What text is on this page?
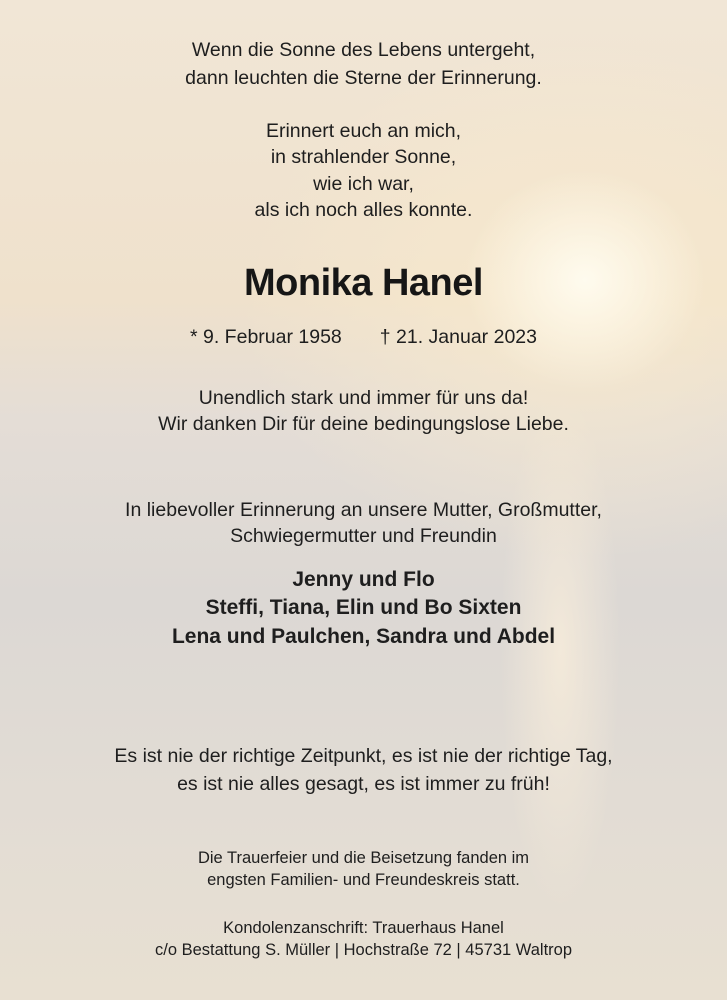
Wenn die Sonne des Lebens untergeht,
dann leuchten die Sterne der Erinnerung.
Erinnert euch an mich,
in strahlender Sonne,
wie ich war,
als ich noch alles konnte.
Monika Hanel
* 9. Februar 1958 † 21. Januar 2023
Unendlich stark und immer für uns da!
Wir danken Dir für deine bedingungslose Liebe.
In liebevoller Erinnerung an unsere Mutter, Großmutter,
Schwiegermutter und Freundin
Jenny und Flo
Steffi, Tiana, Elin und Bo Sixten
Lena und Paulchen, Sandra und Abdel
Es ist nie der richtige Zeitpunkt, es ist nie der richtige Tag,
es ist nie alles gesagt, es ist immer zu früh!
Die Trauerfeier und die Beisetzung fanden im
engsten Familien- und Freundeskreis statt.
Kondolenzanschrift: Trauerhaus Hanel
c/o Bestattung S. Müller | Hochstraße 72 | 45731 Waltrop
